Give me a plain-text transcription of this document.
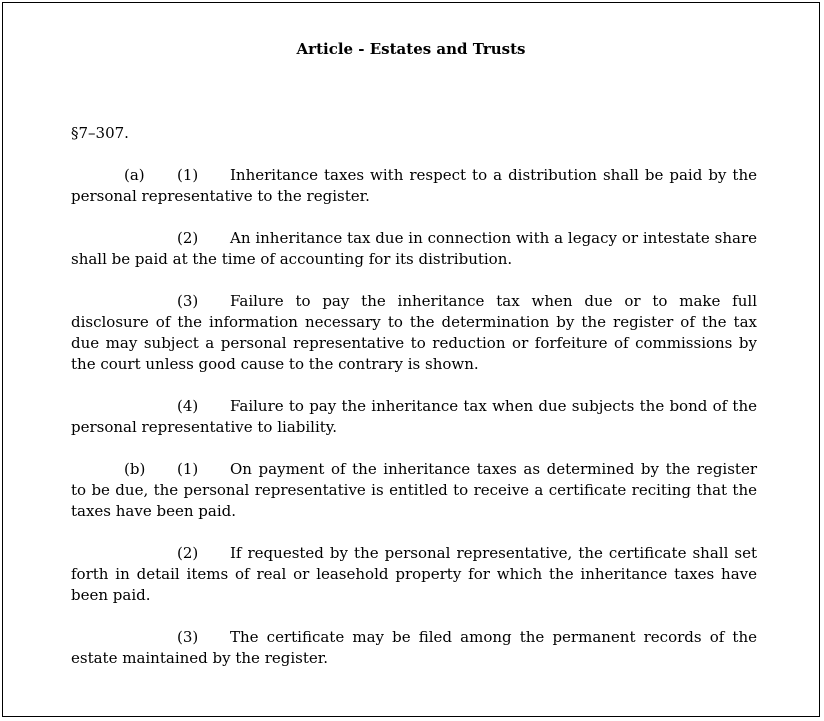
Article - Estates and Trusts

§7–307.

(a) (1) Inheritance taxes with respect to a distribution shall be paid by the personal representative to the register.

(2) An inheritance tax due in connection with a legacy or intestate share shall be paid at the time of accounting for its distribution.

(3) Failure to pay the inheritance tax when due or to make full disclosure of the information necessary to the determination by the register of the tax due may subject a personal representative to reduction or forfeiture of commissions by the court unless good cause to the contrary is shown.

(4) Failure to pay the inheritance tax when due subjects the bond of the personal representative to liability.

(b) (1) On payment of the inheritance taxes as determined by the register to be due, the personal representative is entitled to receive a certificate reciting that the taxes have been paid.

(2) If requested by the personal representative, the certificate shall set forth in detail items of real or leasehold property for which the inheritance taxes have been paid.

(3) The certificate may be filed among the permanent records of the estate maintained by the register.
